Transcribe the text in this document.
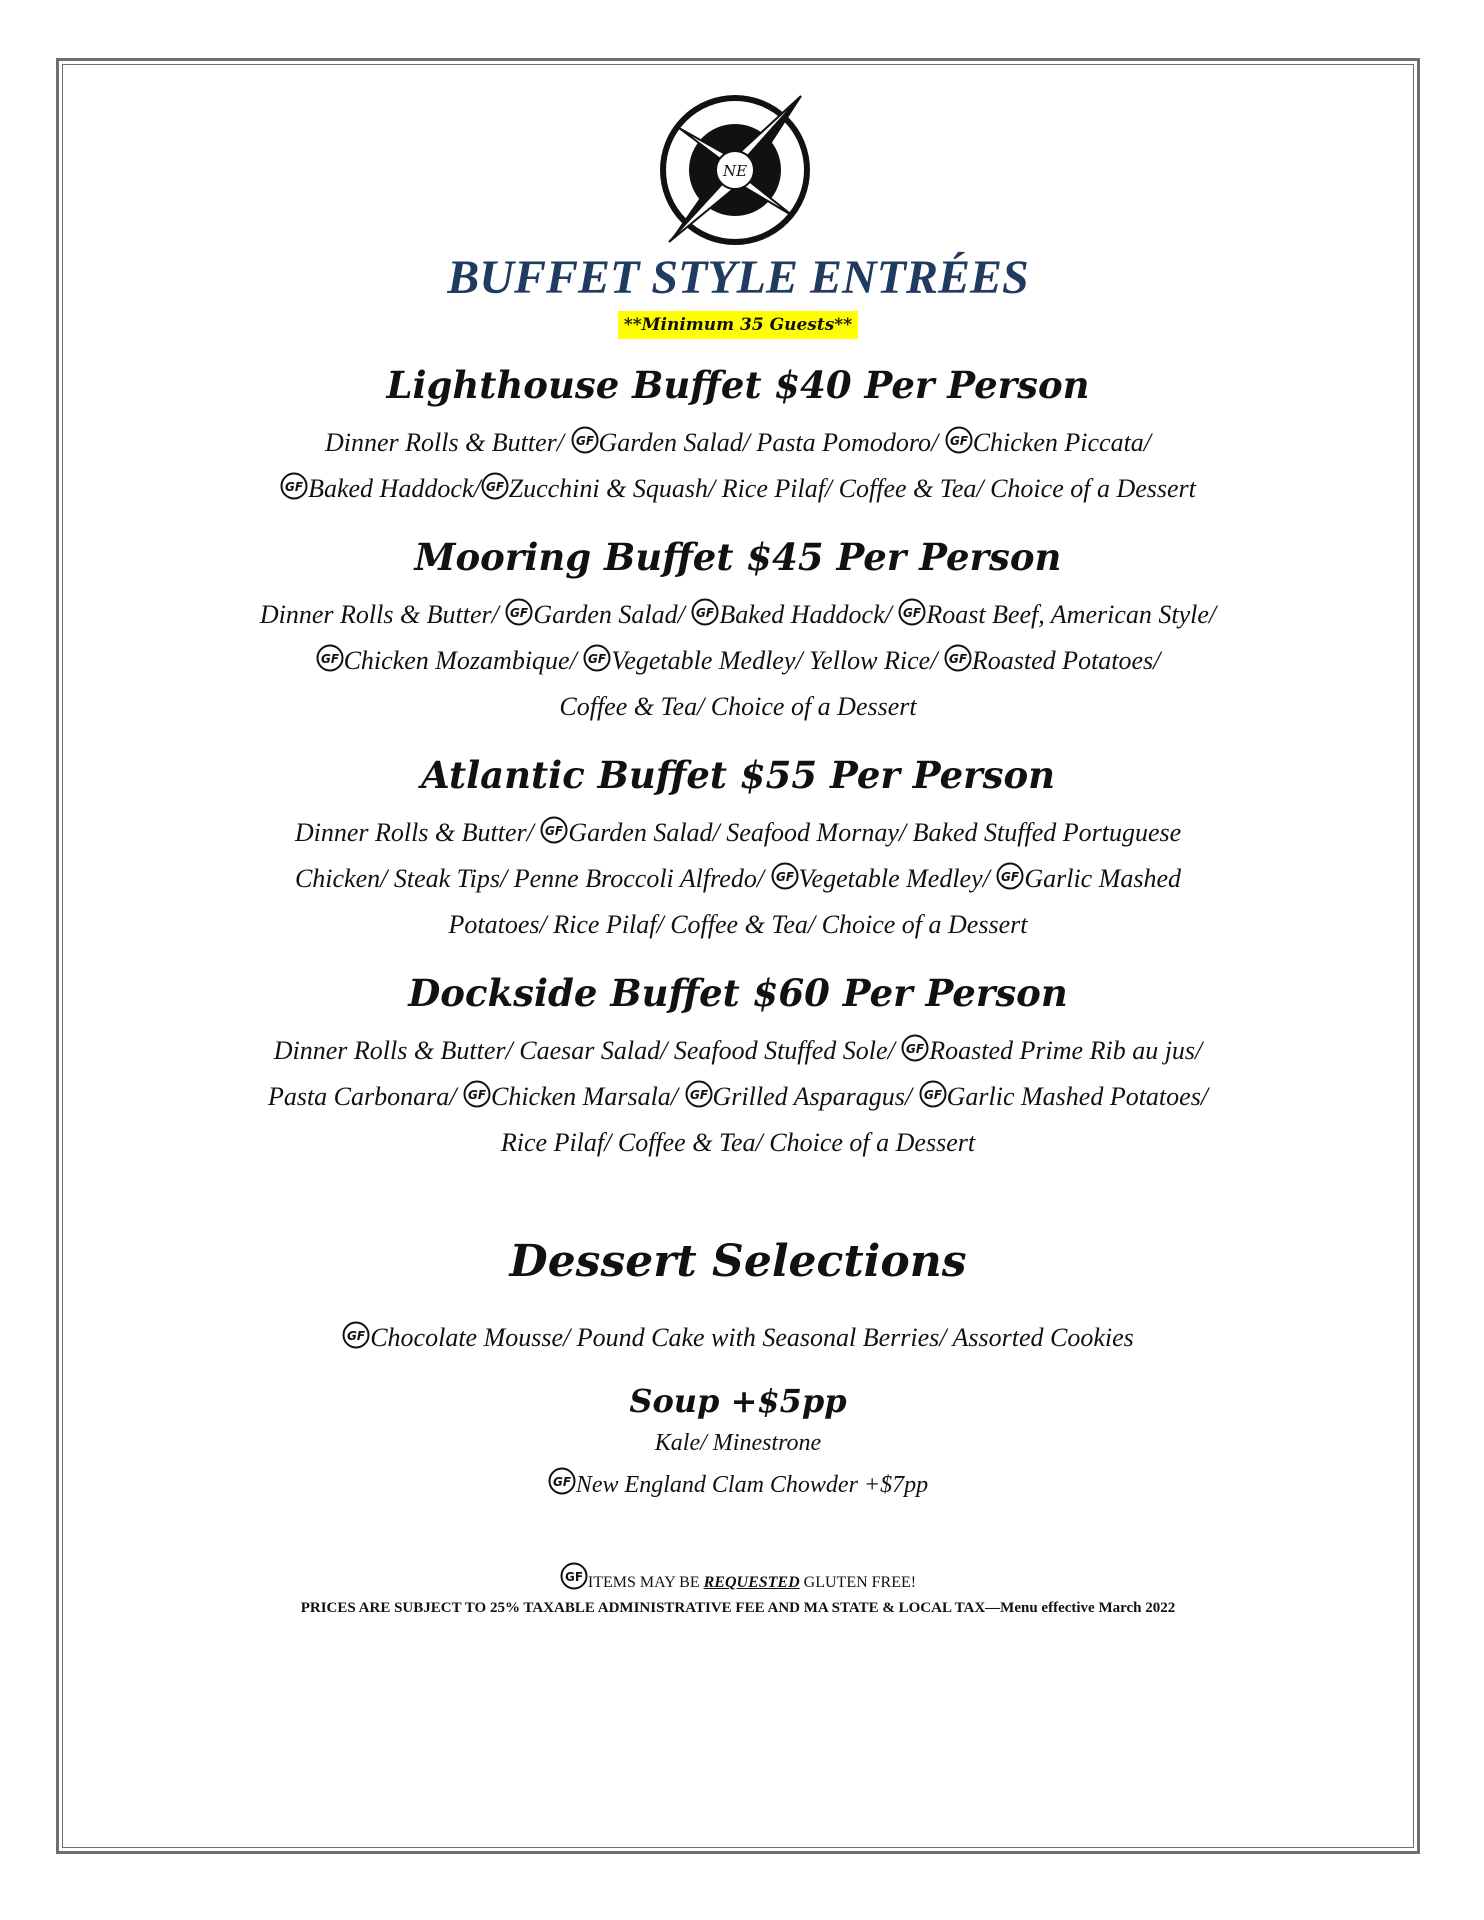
NE
BUFFET STYLE ENTRÉES
**Minimum 35 Guests**
Lighthouse Buffet $40 Per Person
Dinner Rolls & Butter/ GF Garden Salad/ Pasta Pomodoro/ GF Chicken Piccata/
GF Baked Haddock/ GF Zucchini & Squash/ Rice Pilaf/ Coffee & Tea/ Choice of a Dessert
Mooring Buffet $45 Per Person
Dinner Rolls & Butter/ GF Garden Salad/ GF Baked Haddock/ GF Roast Beef, American Style/
GF Chicken Mozambique/ GF Vegetable Medley/ Yellow Rice/ GF Roasted Potatoes/
Coffee & Tea/ Choice of a Dessert
Atlantic Buffet $55 Per Person
Dinner Rolls & Butter/ GF Garden Salad/ Seafood Mornay/ Baked Stuffed Portuguese
Chicken/ Steak Tips/ Penne Broccoli Alfredo/ GF Vegetable Medley/ GF Garlic Mashed
Potatoes/ Rice Pilaf/ Coffee & Tea/ Choice of a Dessert
Dockside Buffet $60 Per Person
Dinner Rolls & Butter/ Caesar Salad/ Seafood Stuffed Sole/ GF Roasted Prime Rib au jus/
Pasta Carbonara/ GF Chicken Marsala/ GF Grilled Asparagus/ GF Garlic Mashed Potatoes/
Rice Pilaf/ Coffee & Tea/ Choice of a Dessert
Dessert Selections
GF Chocolate Mousse/ Pound Cake with Seasonal Berries/ Assorted Cookies
Soup +$5pp
Kale/ Minestrone
GF New England Clam Chowder +$7pp
GF ITEMS MAY BE REQUESTED GLUTEN FREE!
PRICES ARE SUBJECT TO 25% TAXABLE ADMINISTRATIVE FEE AND MA STATE & LOCAL TAX—Menu effective March 2022
